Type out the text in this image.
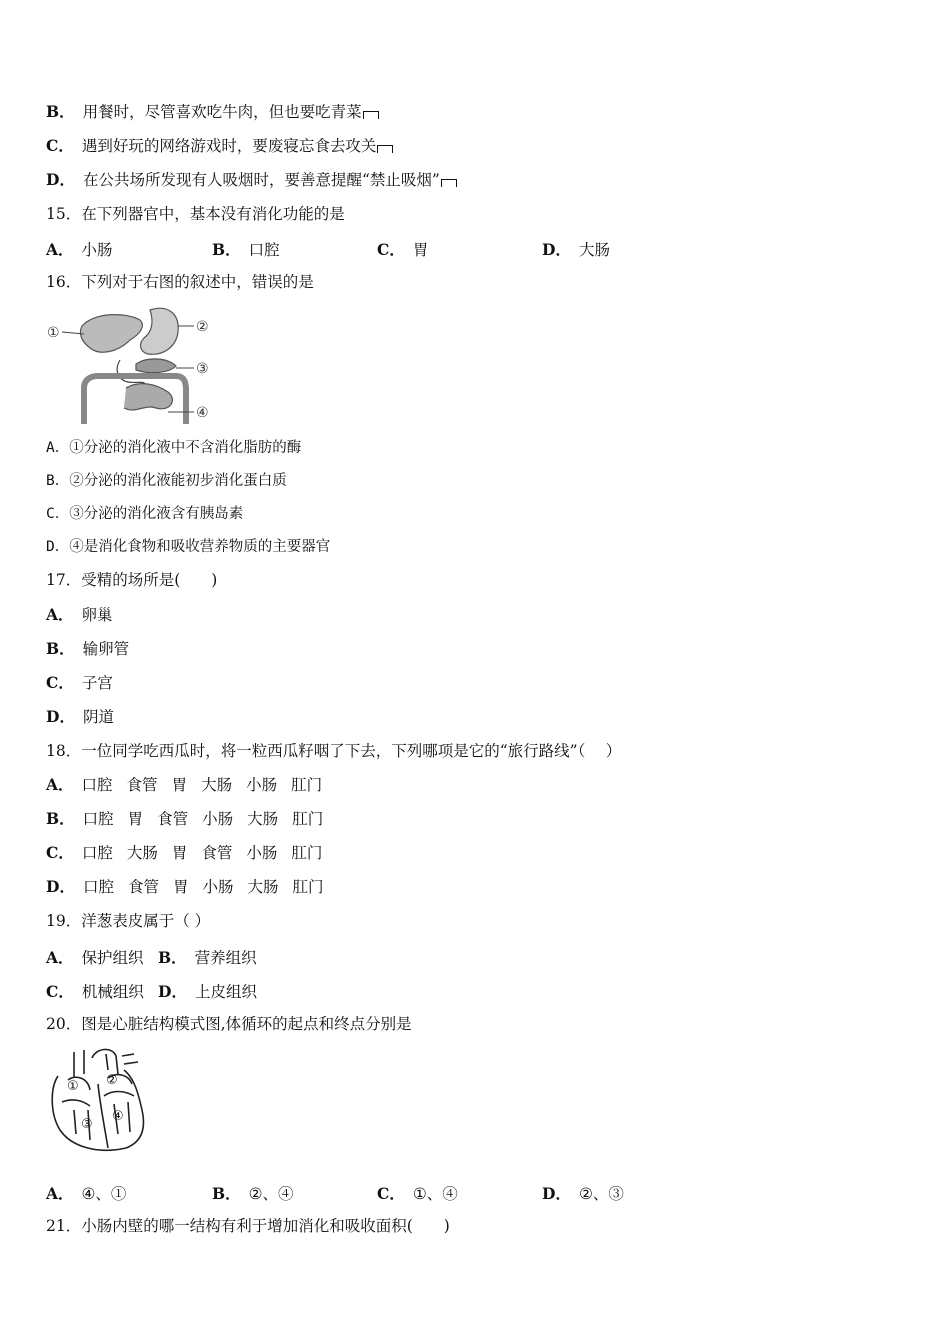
B． 用餐时，尽管喜欢吃牛肉，但也要吃青菜
C． 遇到好玩的网络游戏时，要废寝忘食去攻关
D． 在公共场所发现有人吸烟时，要善意提醒“禁止吸烟”
15．在下列器官中，基本没有消化功能的是
A． 小肠	B． 口腔	C． 胃	D． 大肠
16．下列对于右图的叙述中，错误的是
①	②
③
④
A．①分泌的消化液中不含消化脂肪的酶
B．②分泌的消化液能初步消化蛋白质
C．③分泌的消化液含有胰岛素
D．④是消化食物和吸收营养物质的主要器官
17．受精的场所是(　　)
A． 卵巢
B． 输卵管
C． 子宫
D． 阴道
18．一位同学吃西瓜时，将一粒西瓜籽咽了下去，下列哪项是它的“旅行路线”（　 ）
A． 口腔 食管 胃 大肠 小肠 肛门
B． 口腔 胃 食管 小肠 大肠 肛门
C． 口腔 大肠 胃 食管 小肠 肛门
D． 口腔 食管 胃 小肠 大肠 肛门
19．洋葱表皮属于（ ）
A． 保护组织 B． 营养组织
C． 机械组织 D． 上皮组织
20．图是心脏结构模式图,体循环的起点和终点分别是
① ②
③
④
A． ④、①	B． ②、④	C． ①、④	D． ②、③
21．小肠内壁的哪一结构有利于增加消化和吸收面积(　　)
